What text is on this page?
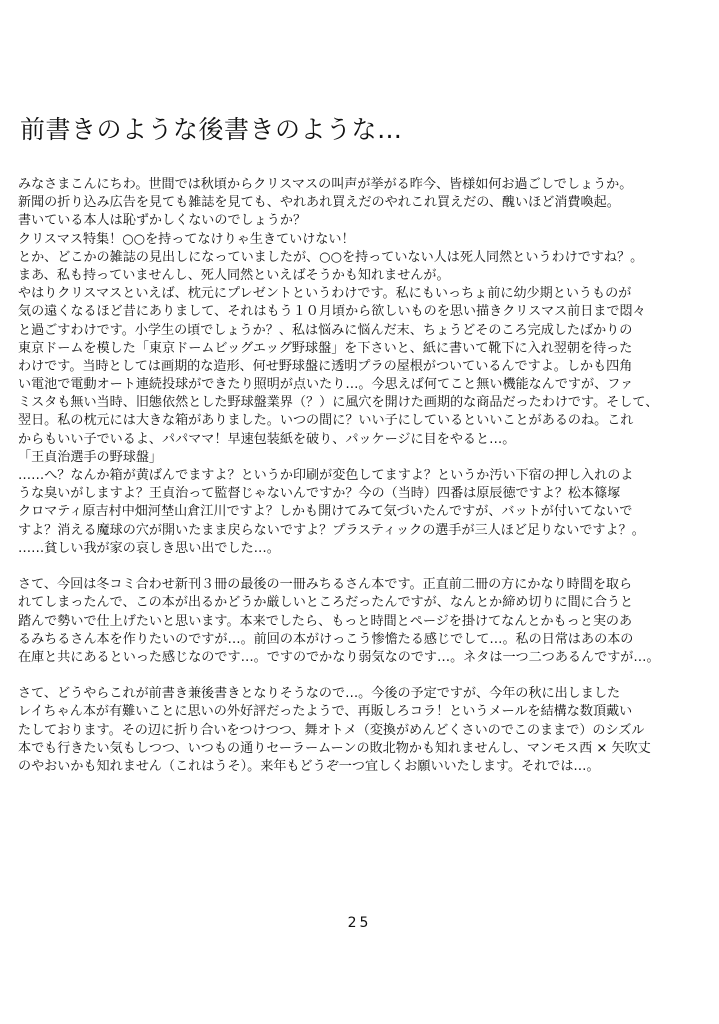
前書きのような後書きのような…
みなさまこんにちわ。世間では秋頃からクリスマスの叫声が挙がる昨今、皆様如何お過ごしでしょうか。
新聞の折り込み広告を見ても雑誌を見ても、やれあれ買えだのやれこれ買えだの、醜いほど消費喚起。
書いている本人は恥ずかしくないのでしょうか？
クリスマス特集！○○を持ってなけりゃ生きていけない！
とか、どこかの雑誌の見出しになっていましたが、○○を持っていない人は死人同然というわけですね？。
まあ、私も持っていませんし、死人同然といえばそうかも知れませんが。
やはりクリスマスといえば、枕元にプレゼントというわけです。私にもいっちょ前に幼少期というものが
気の遠くなるほど昔にありまして、それはもう１０月頃から欲しいものを思い描きクリスマス前日まで悶々
と過ごすわけです。小学生の頃でしょうか？、私は悩みに悩んだ末、ちょうどそのころ完成したばかりの
東京ドームを模した「東京ドームビッグエッグ野球盤」を下さいと、紙に書いて靴下に入れ翌朝を待った
わけです。当時としては画期的な造形、何せ野球盤に透明プラの屋根がついているんですよ。しかも四角
い電池で電動オート連続投球ができたり照明が点いたり…。今思えば何てこと無い機能なんですが、ファ
ミスタも無い当時、旧態依然とした野球盤業界（？）に風穴を開けた画期的な商品だったわけです。そして、
翌日。私の枕元には大きな箱がありました。いつの間に？いい子にしているといいことがあるのね。これ
からもいい子でいるよ、パパママ！早速包装紙を破り、パッケージに目をやると…。
「王貞治選手の野球盤」
……へ？なんか箱が黄ばんでますよ？というか印刷が変色してますよ？というか汚い下宿の押し入れのよ
うな臭いがしますよ？王貞治って監督じゃないんですか？今の（当時）四番は原辰徳ですよ？松本篠塚
クロマティ原吉村中畑河埜山倉江川ですよ？しかも開けてみて気づいたんですが、バットが付いてないで
すよ？消える魔球の穴が開いたまま戻らないですよ？プラスティックの選手が三人ほど足りないですよ？。
……貧しい我が家の哀しき思い出でした…。
さて、今回は冬コミ合わせ新刊３冊の最後の一冊みちるさん本です。正直前二冊の方にかなり時間を取ら
れてしまったんで、この本が出るかどうか厳しいところだったんですが、なんとか締め切りに間に合うと
踏んで勢いで仕上げたいと思います。本来でしたら、もっと時間とページを掛けてなんとかもっと実のあ
るみちるさん本を作りたいのですが…。前回の本がけっこう惨憺たる感じでして…。私の日常はあの本の
在庫と共にあるといった感じなのです…。ですのでかなり弱気なのです…。ネタは一つ二つあるんですが…。
さて、どうやらこれが前書き兼後書きとなりそうなので…。今後の予定ですが、今年の秋に出しました
レイちゃん本が有難いことに思いの外好評だったようで、再販しろコラ！というメールを結構な数頂戴い
たしております。その辺に折り合いをつけつつ、舞オトメ（変換がめんどくさいのでこのままで）のシズル
本でも行きたい気もしつつ、いつもの通りセーラームーンの敗北物かも知れませんし、マンモス西 × 矢吹丈
のやおいかも知れません（これはうそ）。来年もどうぞ一つ宜しくお願いいたします。それでは…。
25
